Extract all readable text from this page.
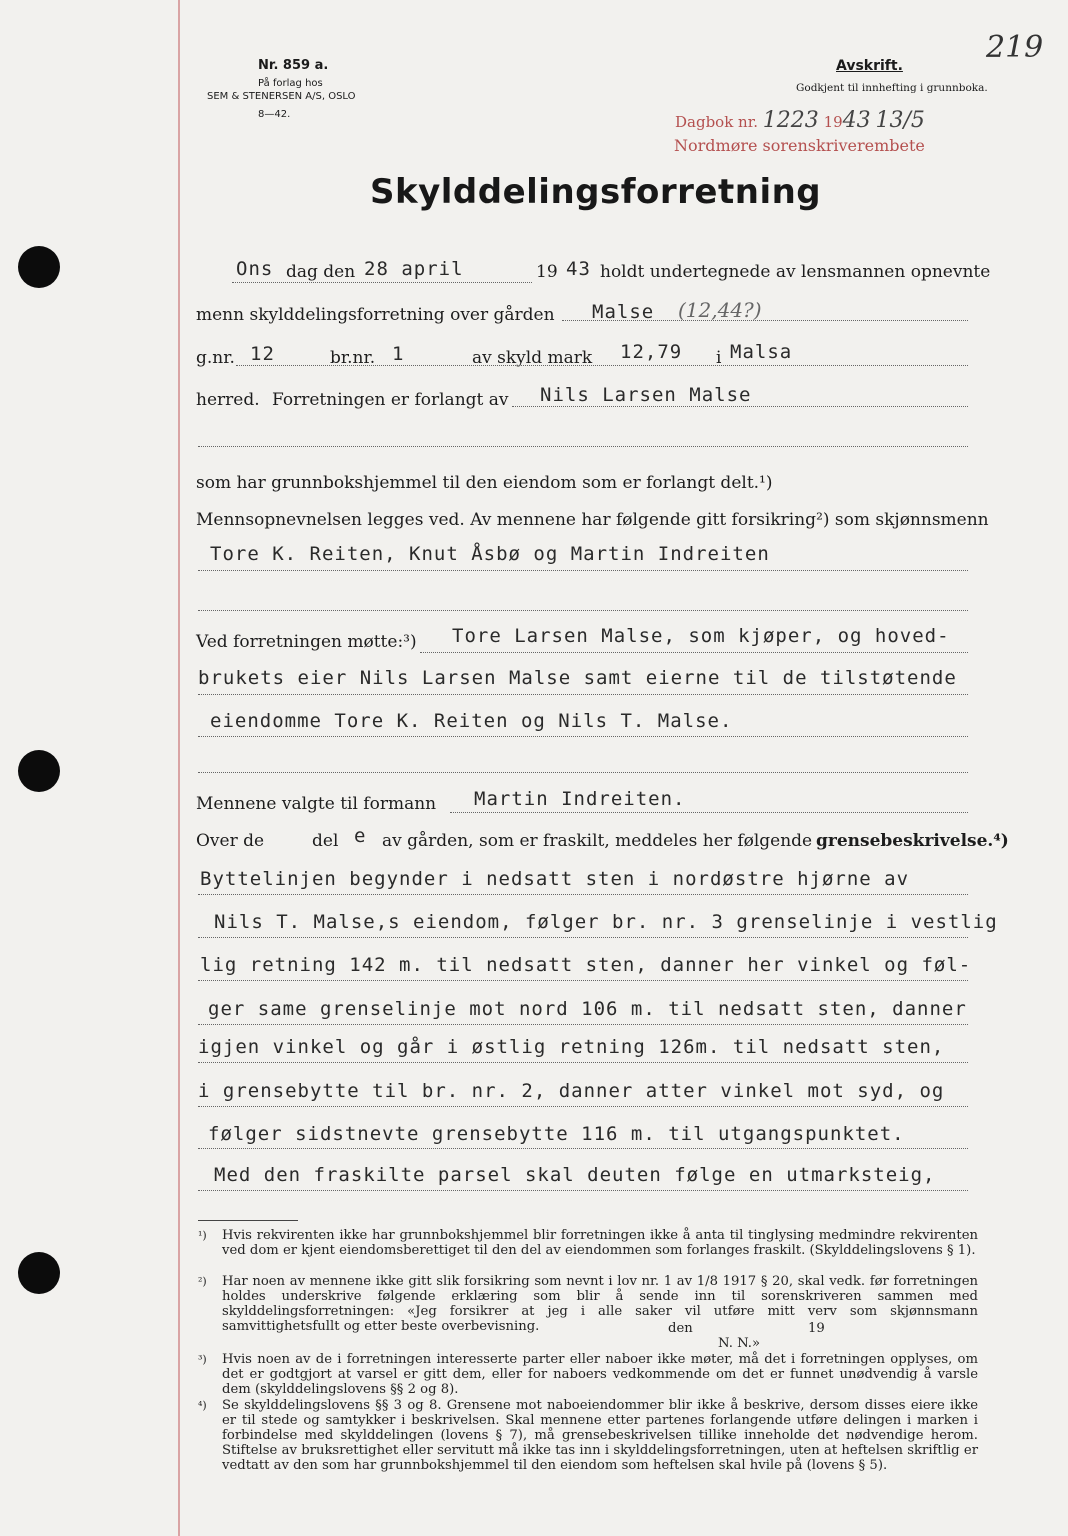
Nr. 859 a.
På forlag hos
SEM & STENERSEN A/S, OSLO
8—42.
Avskrift.
Godkjent til innhefting i grunnboka.
219
Dagbok nr. 1223 1943 13/5
Nordmøre sorenskriverembete
Skylddelingsforretning
Ons dag den 28 april	19 43 holdt undertegnede av lensmannen opnevnte
menn skylddelingsforretning over gården Malse (12,44?)
g.nr. 12	br.nr. 1	av skyld mark 12,79 i Malsa
herred. Forretningen er forlangt av Nils Larsen Malse
som har grunnbokshjemmel til den eiendom som er forlangt delt.¹)
Mennsopnevnelsen legges ved. Av mennene har følgende gitt forsikring²) som skjønnsmenn
Tore K. Reiten, Knut Åsbø og Martin Indreiten
Ved forretningen møtte:³) Tore Larsen Malse, som kjøper, og hoved-
brukets eier Nils Larsen Malse samt eierne til de tilstøtende
eiendomme Tore K. Reiten og Nils T. Malse.
Mennene valgte til formann Martin Indreiten.
Over de	del e av gården, som er fraskilt, meddeles her følgende grensebeskrivelse.⁴)
Byttelinjen begynder i nedsatt sten i nordøstre hjørne av
Nils T. Malse,s eiendom, følger br. nr. 3 grenselinje i vestlig
lig retning 142 m. til nedsatt sten, danner her vinkel og føl-
ger same grenselinje mot nord 106 m. til nedsatt sten, danner
igjen vinkel og går i østlig retning 126m. til nedsatt sten,
i grensebytte til br. nr. 2, danner atter vinkel mot syd, og
følger sidstnevte grensebytte 116 m. til utgangspunktet.
Med den fraskilte parsel skal deuten følge en utmarksteig,
¹) Hvis rekvirenten ikke har grunnbokshjemmel blir forretningen ikke å anta til tinglysing medmindre rekvirenten ved dom er kjent eiendomsberettiget til den del av eiendommen som forlanges fraskilt. (Skylddelingslovens § 1).
²) Har noen av mennene ikke gitt slik forsikring som nevnt i lov nr. 1 av 1/8 1917 § 20, skal vedk. før forretningen holdes underskrive følgende erklæring som blir å sende inn til sorenskriveren sammen med skylddelingsforretningen: «Jeg forsikrer at jeg i alle saker vil utføre mitt verv som skjønnsmann samvittighetsfullt og etter beste overbevisning.	den	19
N. N.»
³) Hvis noen av de i forretningen interesserte parter eller naboer ikke møter, må det i forretningen opplyses, om det er godtgjort at varsel er gitt dem, eller for naboers vedkommende om det er funnet unødvendig å varsle dem (skylddelingslovens §§ 2 og 8).
⁴) Se skylddelingslovens §§ 3 og 8. Grensene mot naboeiendommer blir ikke å beskrive, dersom disses eiere ikke er til stede og samtykker i beskrivelsen. Skal mennene etter partenes forlangende utføre delingen i marken i forbindelse med skylddelingen (lovens § 7), må grensebeskrivelsen tillike inneholde det nødvendige herom. Stiftelse av bruksrettighet eller servitutt må ikke tas inn i skylddelingsforretningen, uten at heftelsen skriftlig er vedtatt av den som har grunnbokshjemmel til den eiendom som heftelsen skal hvile på (lovens § 5).
